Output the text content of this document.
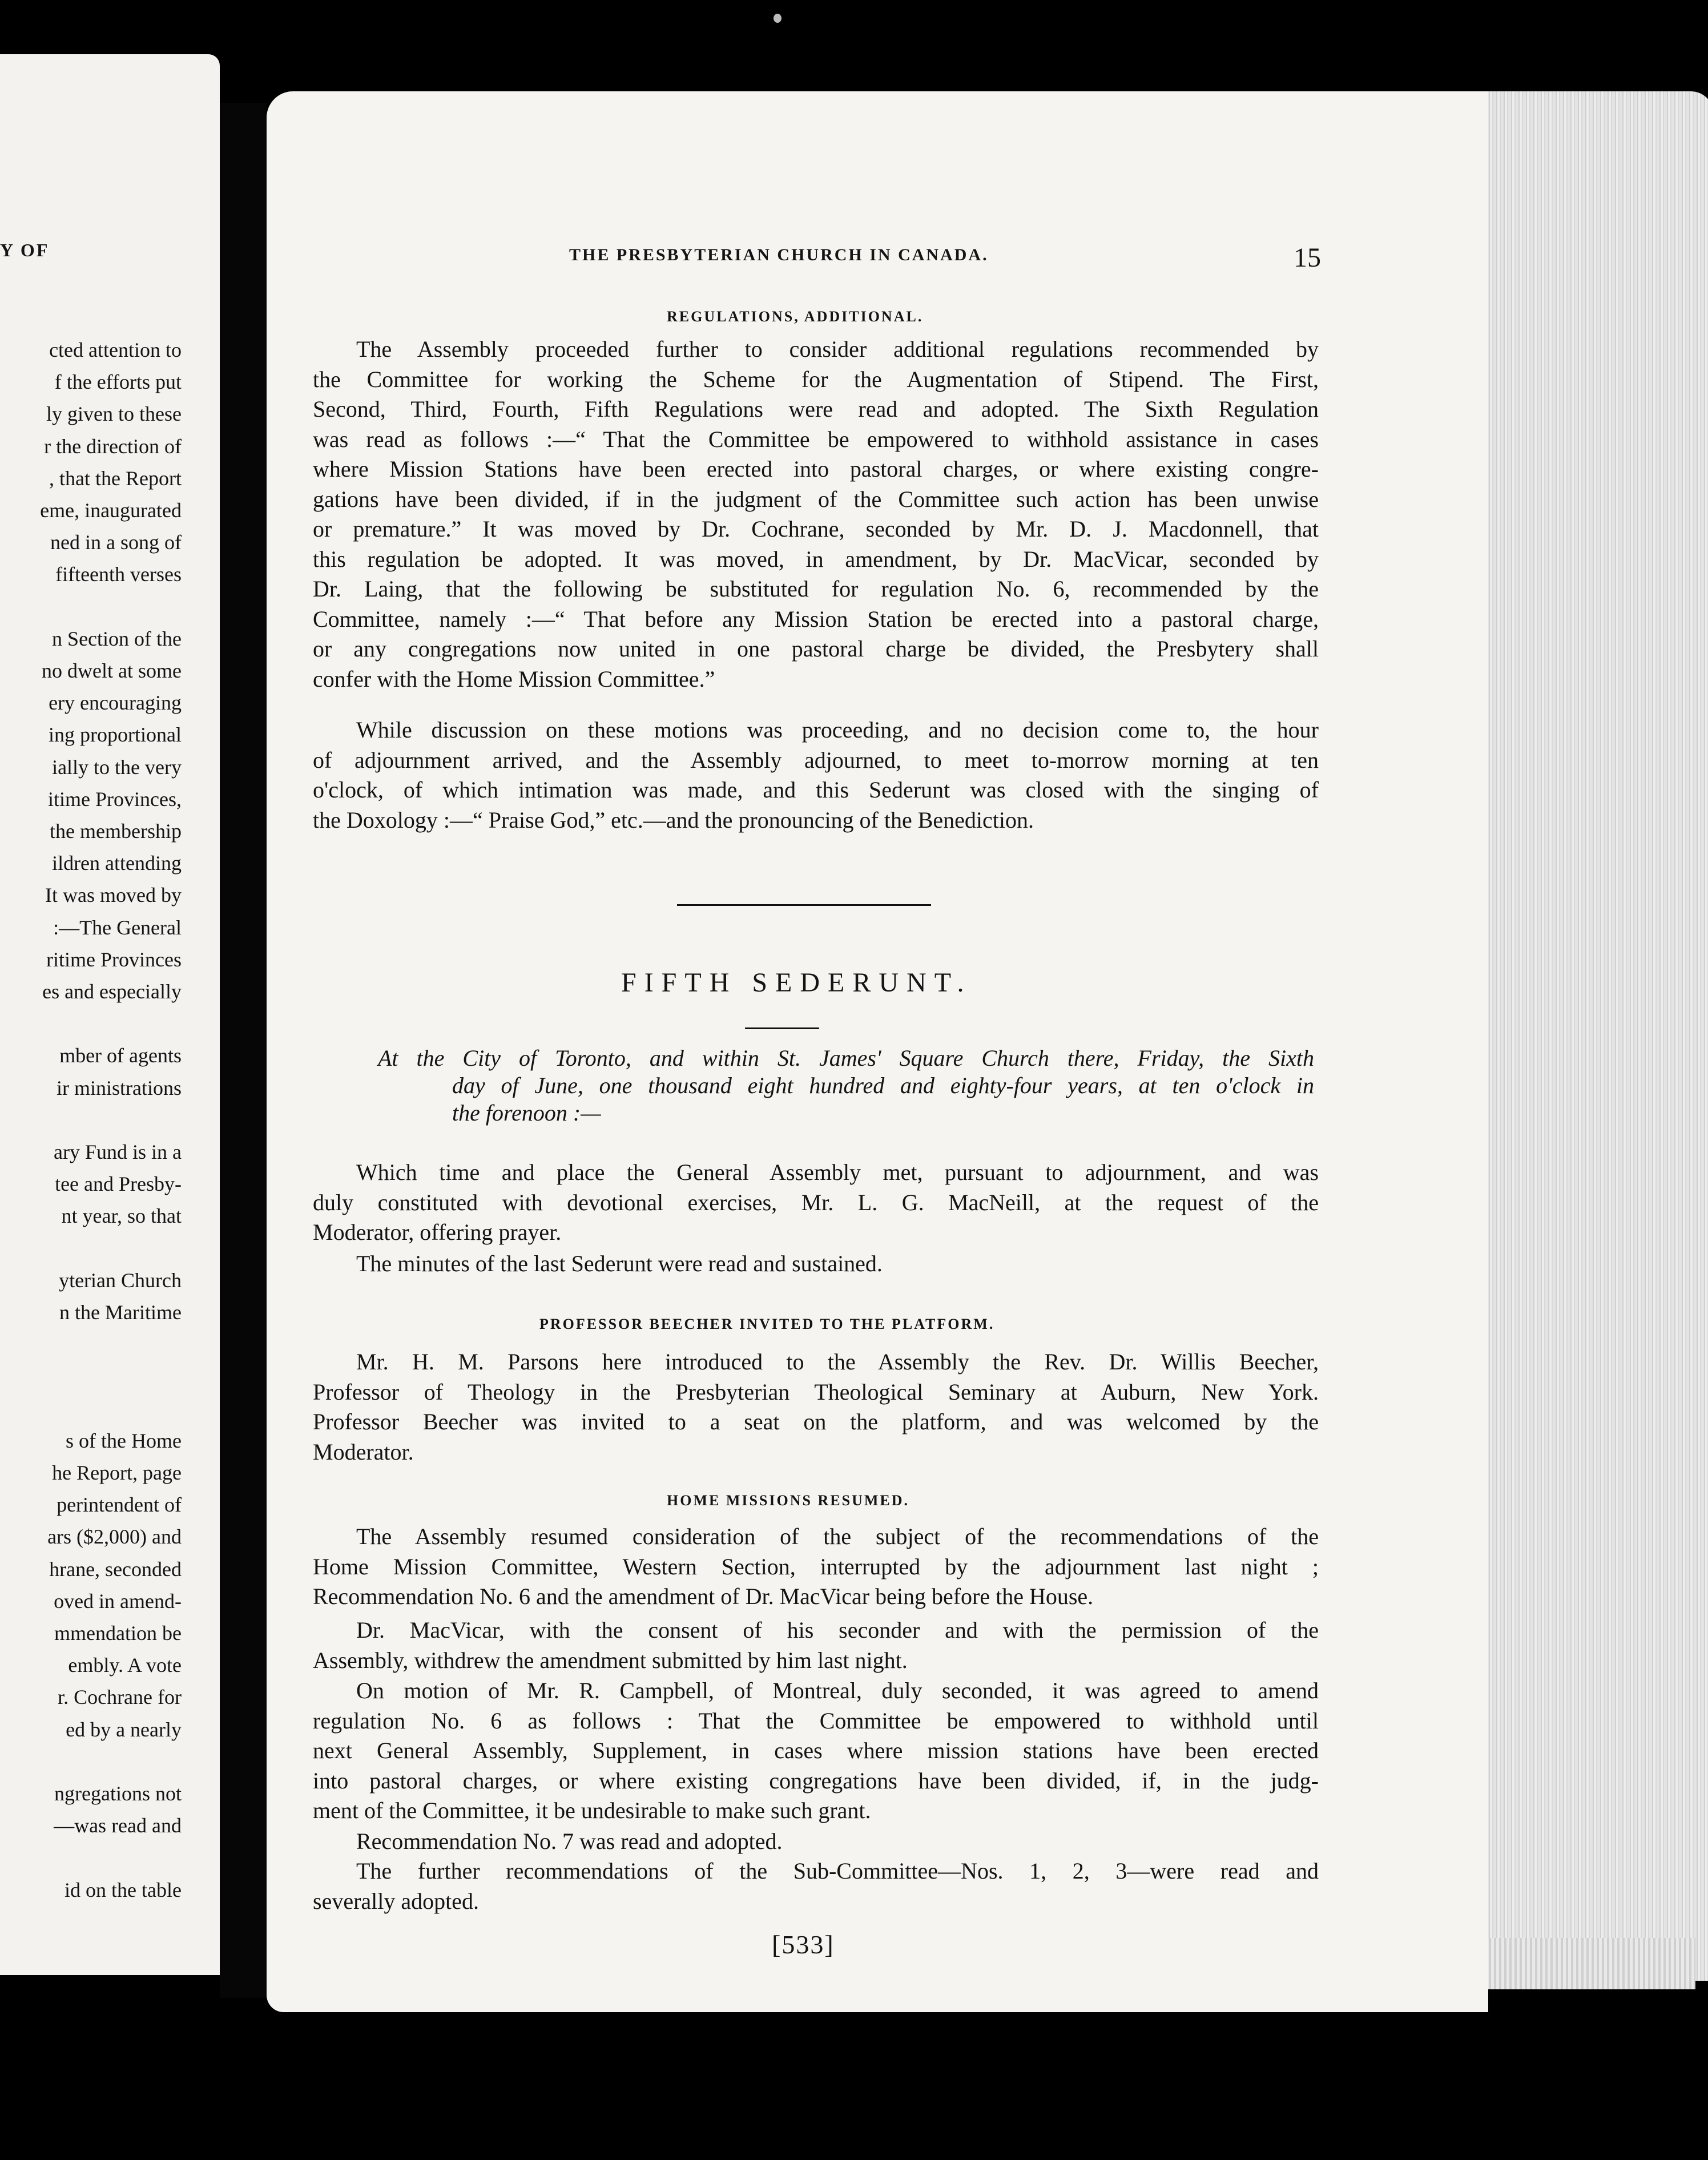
Y OF
cted attention to
f the efforts put
ly given to these
r the direction of
, that the Report
eme, inaugurated
ned in a song of
fifteenth verses
n Section of the
no dwelt at some
ery encouraging
ing proportional
ially to the very
itime Provinces,
the membership
ildren attending
It was moved by
:—The General
ritime Provinces
es and especially
mber of agents
ir ministrations
ary Fund is in a
tee and Presby-
nt year, so that
yterian Church
n the Maritime
s of the Home
he Report, page
perintendent of
ars ($2,000) and
hrane, seconded
oved in amend-
mmendation be
embly. A vote
r. Cochrane for
ed by a nearly
ngregations not
—was read and
id on the table
THE PRESBYTERIAN CHURCH IN CANADA.	15
REGULATIONS, ADDITIONAL.

The Assembly proceeded further to consider additional regulations recommended by

the Committee for working the Scheme for the Augmentation of Stipend. The First,

Second, Third, Fourth, Fifth Regulations were read and adopted. The Sixth Regulation

was read as follows :—“ That the Committee be empowered to withhold assistance in cases

where Mission Stations have been erected into pastoral charges, or where existing congre-

gations have been divided, if in the judgment of the Committee such action has been unwise

or premature.” It was moved by Dr. Cochrane, seconded by Mr. D. J. Macdonnell, that

this regulation be adopted. It was moved, in amendment, by Dr. MacVicar, seconded by

Dr. Laing, that the following be substituted for regulation No. 6, recommended by the

Committee, namely :—“ That before any Mission Station be erected into a pastoral charge,

or any congregations now united in one pastoral charge be divided, the Presbytery shall

confer with the Home Mission Committee.”

While discussion on these motions was proceeding, and no decision come to, the hour

of adjournment arrived, and the Assembly adjourned, to meet to-morrow morning at ten

o'clock, of which intimation was made, and this Sederunt was closed with the singing of

the Doxology :—“ Praise God,” etc.—and the pronouncing of the Benediction.

FIFTH SEDERUNT.
At the City of Toronto, and within St. James' Square Church there, Friday, the Sixth
day of June, one thousand eight hundred and eighty-four years, at ten o'clock in
the forenoon :—

Which time and place the General Assembly met, pursuant to adjournment, and was

duly constituted with devotional exercises, Mr. L. G. MacNeill, at the request of the

Moderator, offering prayer.

The minutes of the last Sederunt were read and sustained.

PROFESSOR BEECHER INVITED TO THE PLATFORM.

Mr. H. M. Parsons here introduced to the Assembly the Rev. Dr. Willis Beecher,

Professor of Theology in the Presbyterian Theological Seminary at Auburn, New York.

Professor Beecher was invited to a seat on the platform, and was welcomed by the

Moderator.

HOME MISSIONS RESUMED.

The Assembly resumed consideration of the subject of the recommendations of the

Home Mission Committee, Western Section, interrupted by the adjournment last night ;

Recommendation No. 6 and the amendment of Dr. MacVicar being before the House.

Dr. MacVicar, with the consent of his seconder and with the permission of the

Assembly, withdrew the amendment submitted by him last night.

On motion of Mr. R. Campbell, of Montreal, duly seconded, it was agreed to amend

regulation No. 6 as follows : That the Committee be empowered to withhold until

next General Assembly, Supplement, in cases where mission stations have been erected

into pastoral charges, or where existing congregations have been divided, if, in the judg-

ment of the Committee, it be undesirable to make such grant.

Recommendation No. 7 was read and adopted.

The further recommendations of the Sub-Committee—Nos. 1, 2, 3—were read and

severally adopted.

[533]
